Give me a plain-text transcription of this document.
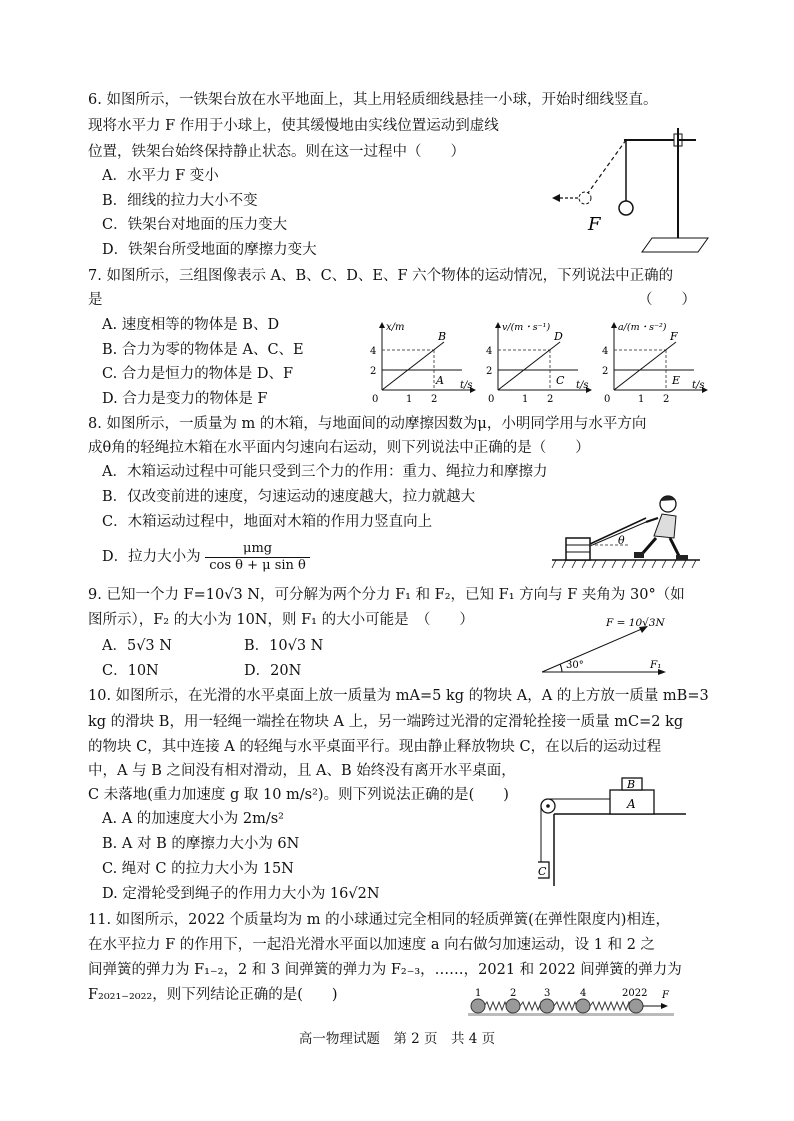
6. 如图所示，一铁架台放在水平地面上，其上用轻质细线悬挂一小球，开始时细线竖直。
现将水平力 F 作用于小球上，使其缓慢地由实线位置运动到虚线
位置，铁架台始终保持静止状态。则在这一过程中（　　）
A．水平力 F 变小
B．细线的拉力大小不变
C．铁架台对地面的压力变大
D．铁架台所受地面的摩擦力变大
F
7. 如图所示，三组图像表示 A、B、C、D、E、F 六个物体的运动情况，下列说法中正确的
是	（　　）
A. 速度相等的物体是 B、D
B. 合力为零的物体是 A、C、E
C. 合力是恒力的物体是 D、F
D. 合力是变力的物体是 F
x/m
t/s
4
2
0	1 2
B
A
v/(m・s⁻¹)
t/s
4
2
0	1 2
D
C
a/(m・s⁻²)
t/s
4
2
0	1 2
F
E
8. 如图所示，一质量为 m 的木箱，与地面间的动摩擦因数为μ，小明同学用与水平方向
成θ角的轻绳拉木箱在水平面内匀速向右运动，则下列说法中正确的是（　　）
A．木箱运动过程中可能只受到三个力的作用：重力、绳拉力和摩擦力
B．仅改变前进的速度，匀速运动的速度越大，拉力就越大
C．木箱运动过程中，地面对木箱的作用力竖直向上
D．拉力大小为 $\frac{\text{μmg}}{\text{cos θ + μ sin θ}}$	θ
9. 已知一个力 F=10√3 N，可分解为两个分力 F₁ 和 F₂，已知 F₁ 方向与 F 夹角为 30°（如
图所示），F₂ 的大小为 10N，则 F₁ 的大小可能是　（　　）
A．5√3 N	B．10√3 N
C．10N	D．20N	30°
F = 10√3N
F₁
10. 如图所示，在光滑的水平桌面上放一质量为 mA=5 kg 的物块 A，A 的上方放一质量 mB=3
kg 的滑块 B，用一轻绳一端拴在物块 A 上，另一端跨过光滑的定滑轮拴接一质量 mC=2 kg
的物块 C，其中连接 A 的轻绳与水平桌面平行。现由静止释放物块 C，在以后的运动过程
中，A 与 B 之间没有相对滑动，且 A、B 始终没有离开水平桌面，
C 未落地(重力加速度 g 取 10 m/s²)。则下列说法正确的是(　　)
A. A 的加速度大小为 2m/s²
B. A 对 B 的摩擦力大小为 6N
C. 绳对 C 的拉力大小为 15N
D. 定滑轮受到绳子的作用力大小为 16√2N
A
B
C
11. 如图所示，2022 个质量均为 m 的小球通过完全相同的轻质弹簧(在弹性限度内)相连，
在水平拉力 F 的作用下，一起沿光滑水平面以加速度 a 向右做匀加速运动，设 1 和 2 之
间弹簧的弹力为 F₁₋₂，2 和 3 间弹簧的弹力为 F₂₋₃，……，2021 和 2022 间弹簧的弹力为
F₂₀₂₁₋₂₀₂₂，则下列结论正确的是(　　)	1	2	3	4	2022 F
高一物理试题　第 2 页　共 4 页
